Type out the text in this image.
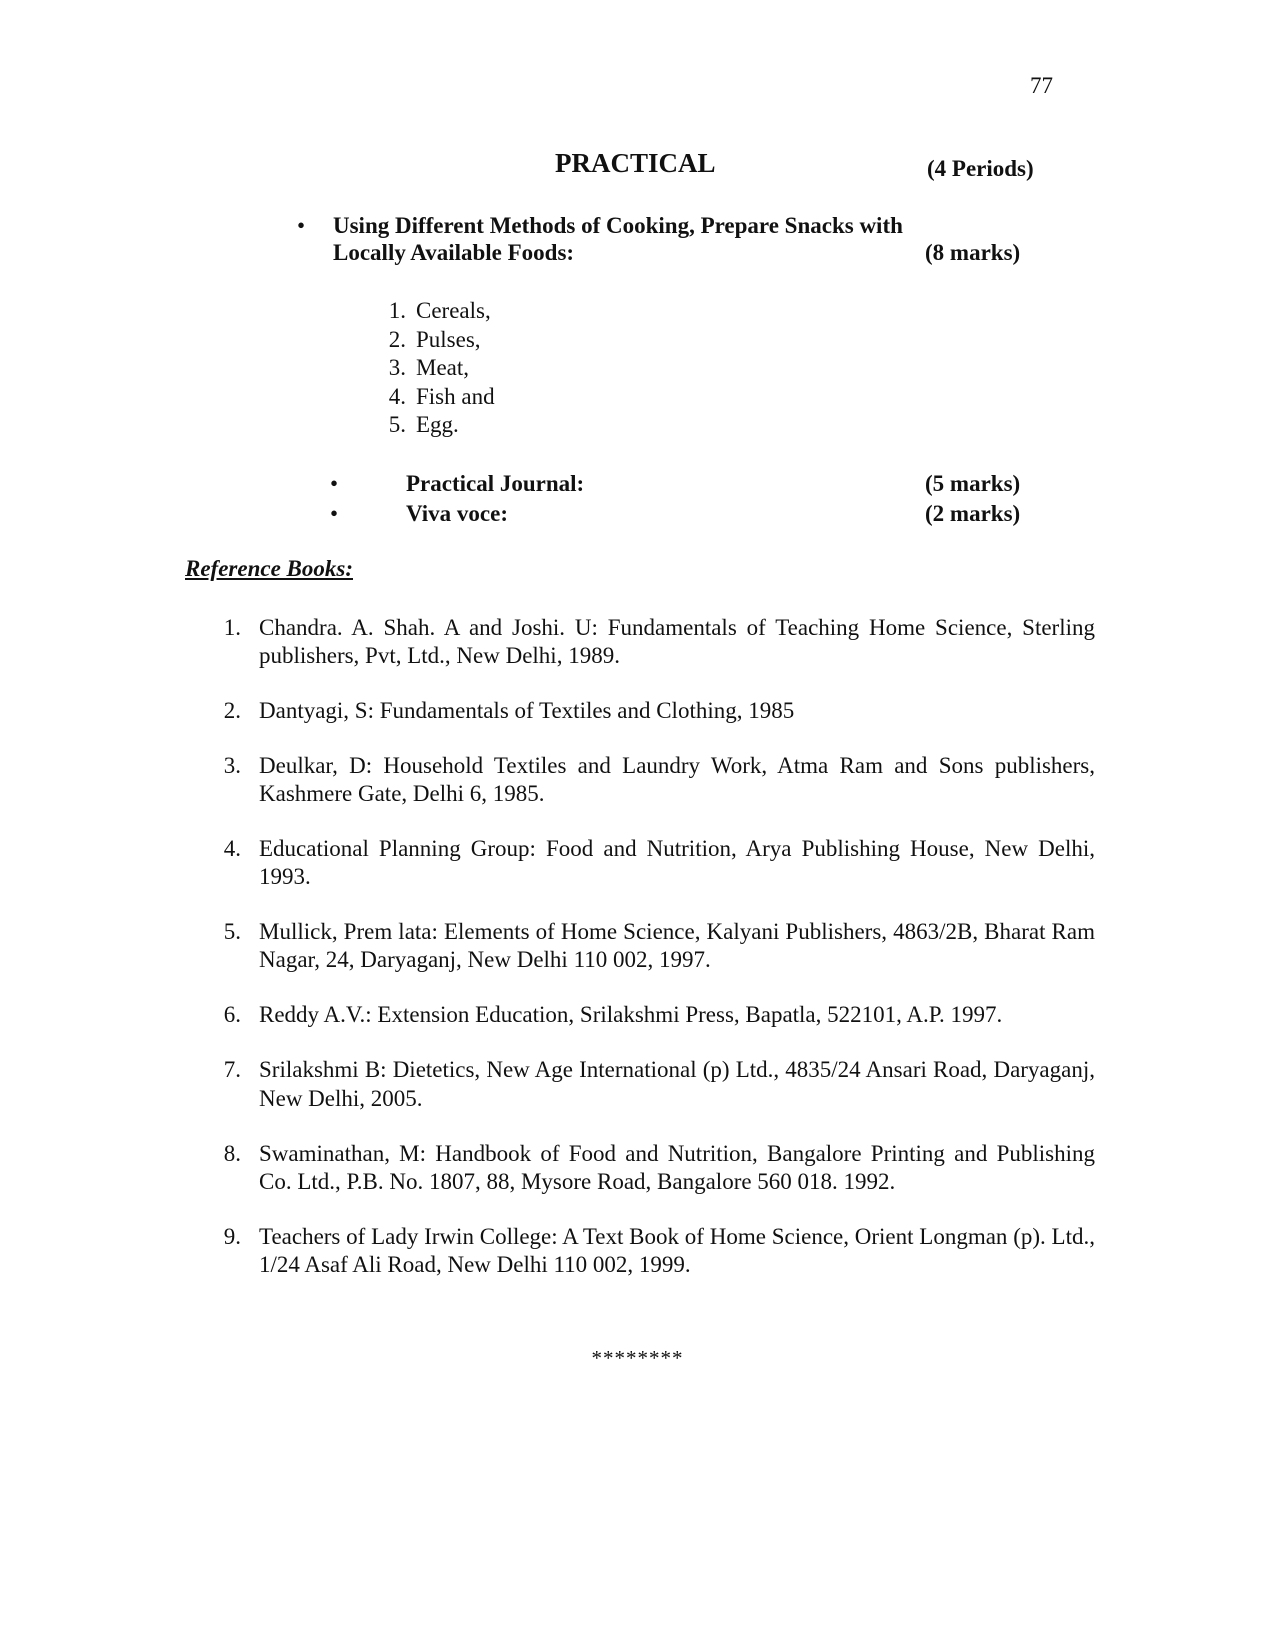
77
PRACTICAL	(4 Periods)
• Using Different Methods of Cooking, Prepare Snacks with
Locally Available Foods:	(8 marks)
1. Cereals,
2. Pulses,
3. Meat,
4. Fish and
5. Egg.
•	Practical Journal:	(5 marks)
•	Viva voce:	(2 marks)
Reference Books:
1. Chandra. A. Shah. A and Joshi. U: Fundamentals of Teaching Home Science, Sterling publishers, Pvt, Ltd., New Delhi, 1989.
2. Dantyagi, S: Fundamentals of Textiles and Clothing, 1985
3. Deulkar, D: Household Textiles and Laundry Work, Atma Ram and Sons publishers, Kashmere Gate, Delhi 6, 1985.
4. Educational Planning Group: Food and Nutrition, Arya Publishing House, New Delhi, 1993.
5. Mullick, Prem lata: Elements of Home Science, Kalyani Publishers, 4863/2B, Bharat Ram Nagar, 24, Daryaganj, New Delhi 110 002, 1997.
6. Reddy A.V.: Extension Education, Srilakshmi Press, Bapatla, 522101, A.P. 1997.
7. Srilakshmi B: Dietetics, New Age International (p) Ltd., 4835/24 Ansari Road, Daryaganj, New Delhi, 2005.
8. Swaminathan, M: Handbook of Food and Nutrition, Bangalore Printing and Publishing Co. Ltd., P.B. No. 1807, 88, Mysore Road, Bangalore 560 018. 1992.
9. Teachers of Lady Irwin College: A Text Book of Home Science, Orient Longman (p). Ltd., 1/24 Asaf Ali Road, New Delhi 110 002, 1999.
********
